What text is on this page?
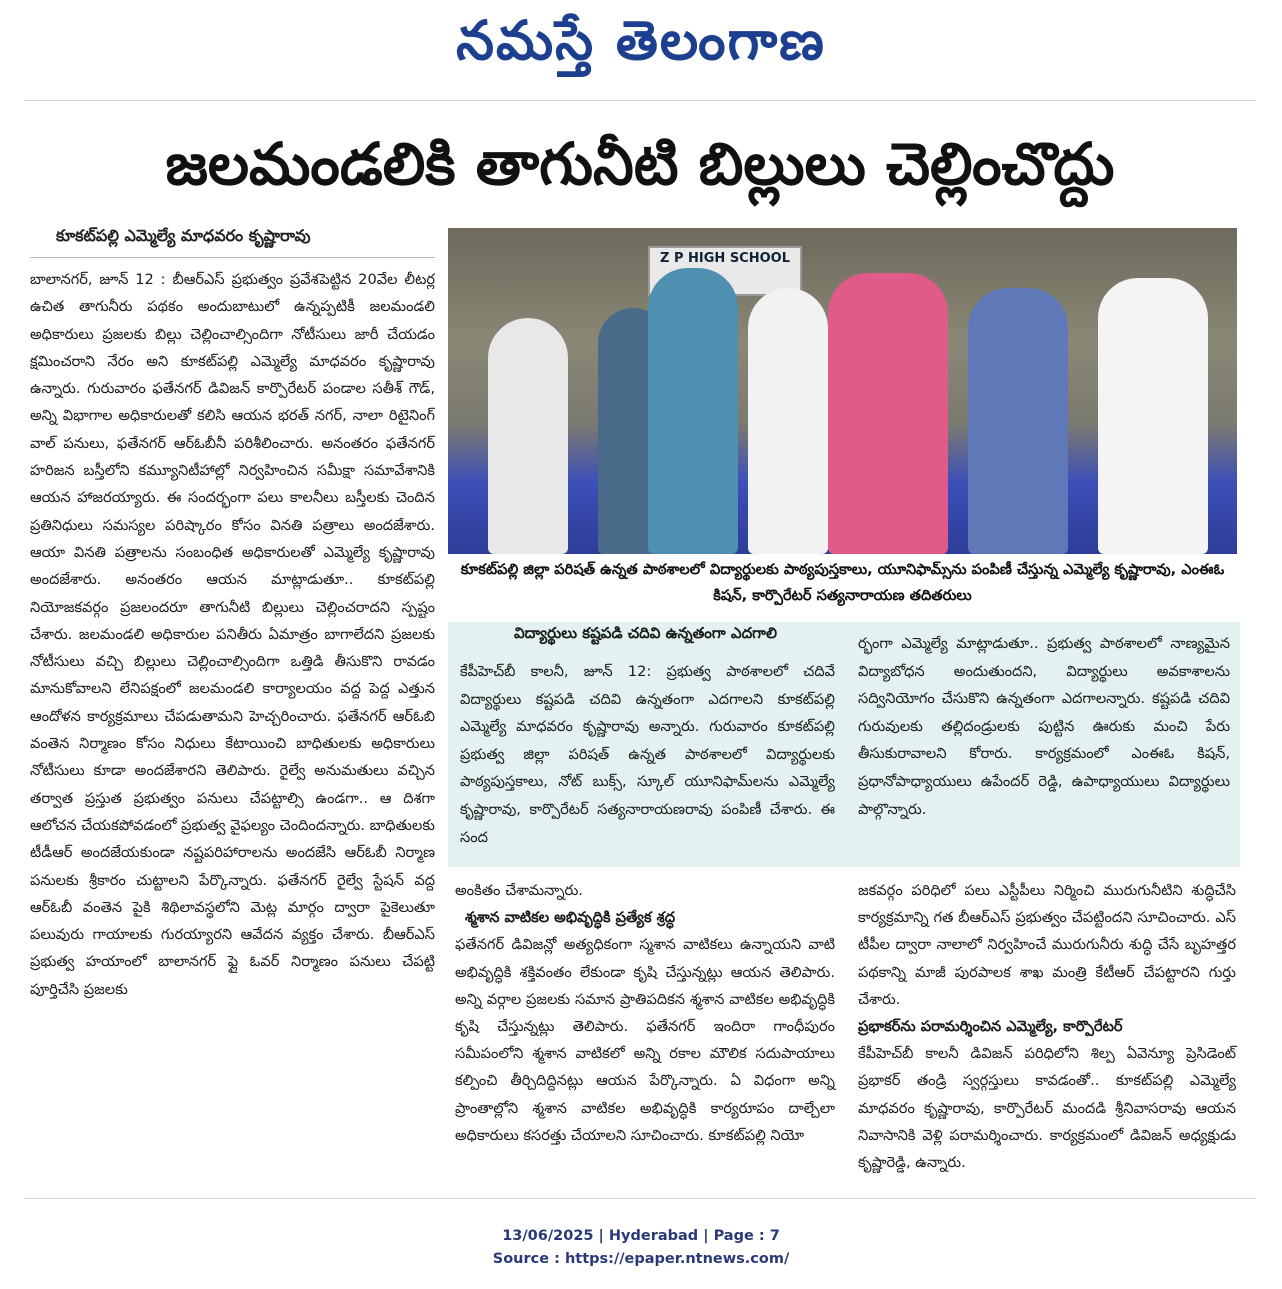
నమస్తే తెలంగాణ
జలమండలికి తాగునీటి బిల్లులు చెల్లించొద్దు
కూకట్‌పల్లి ఎమ్మెల్యే మాధవరం కృష్ణారావు

బాలానగర్, జూన్ 12 : బీఆర్ఎస్ ప్రభుత్వం ప్రవేశపెట్టిన 20వేల లీటర్ల ఉచిత తాగునీరు పథకం అందుబాటులో ఉన్నప్పటికీ జలమండలి అధికారులు ప్రజలకు బిల్లు చెల్లించాల్సిందిగా నోటీసులు జారీ చేయడం క్షమించరాని నేరం అని కూకట్‌పల్లి ఎమ్మెల్యే మాధవరం కృష్ణారావు ఉన్నారు. గురువారం ఫతేనగర్ డివిజన్ కార్పొరేటర్ పండాల సతీశ్ గౌడ్, అన్ని విభాగాల అధికారులతో కలిసి ఆయన భరత్ నగర్, నాలా రిటైనింగ్ వాల్ పనులు, ఫతేనగర్ ఆర్ఓబీనీ పరిశీలించారు. అనంతరం ఫతేనగర్ హరిజన బస్తీలోని కమ్యూనిటీహాల్లో నిర్వహించిన సమీక్షా సమావేశానికి ఆయన హాజరయ్యారు. ఈ సందర్భంగా పలు కాలనీలు బస్తీలకు చెందిన ప్రతినిధులు సమస్యల పరిష్కారం కోసం వినతి పత్రాలు అందజేశారు. ఆయా వినతి పత్రాలను సంబంధిత అధికారులతో ఎమ్మెల్యే కృష్ణారావు అందజేశారు. అనంతరం ఆయన మాట్లాడుతూ.. కూకట్‌పల్లి నియోజకవర్గం ప్రజలందరూ తాగునీటి బిల్లులు చెల్లించరాదని స్పష్టం చేశారు. జలమండలి అధికారుల పనితీరు ఏమాత్రం బాగాలేదని ప్రజలకు నోటీసులు వచ్చి బిల్లులు చెల్లించాల్సిందిగా ఒత్తిడి తీసుకొని రావడం మానుకోవాలని లేనిపక్షంలో జలమండలి కార్యాలయం వద్ద పెద్ద ఎత్తున ఆందోళన కార్యక్రమాలు చేపడుతామని హెచ్చరించారు. ఫతేనగర్ ఆర్ఓబి వంతెన నిర్మాణం కోసం నిధులు కేటాయించి బాధితులకు అధికారులు నోటీసులు కూడా అందజేశారని తెలిపారు. రైల్వే అనుమతులు వచ్చిన తర్వాత ప్రస్తుత ప్రభుత్వం పనులు చేపట్టాల్సి ఉండగా.. ఆ దిశగా ఆలోచన చేయకపోవడంలో ప్రభుత్వ వైఫల్యం చెందిందన్నారు. బాధితులకు టీడీఆర్ అందజేయకుండా నష్టపరిహారాలను అందజేసి ఆర్ఓబీ నిర్మాణ పనులకు శ్రీకారం చుట్టాలని పేర్కొన్నారు. ఫతేనగర్ రైల్వే స్టేషన్ వద్ద ఆర్ఓబీ వంతెన పైకి శిథిలావస్థలోని మెట్ల మార్గం ద్వారా పైకెలుతూ పలువురు గాయాలకు గురయ్యారని ఆవేదన వ్యక్తం చేశారు. బీఆర్ఎస్ ప్రభుత్వ హయాంలో బాలానగర్ ఫ్లై ఓవర్ నిర్మాణం పనులు చేపట్టి పూర్తిచేసి ప్రజలకు

Z P HIGH SCHOOL
కూకట్‌పల్లి జిల్లా పరిషత్ ఉన్నత పాఠశాలలో విద్యార్థులకు పాఠ్యపుస్తకాలు, యూనిఫామ్స్‌ను పంపిణీ చేస్తున్న ఎమ్మెల్యే కృష్ణారావు, ఎంఈఓ కిషన్, కార్పొరేటర్ సత్యనారాయణ తదితరులు
విద్యార్థులు కష్టపడి చదివి ఉన్నతంగా ఎదగాలి

కేపీహెచ్‌బీ కాలనీ, జూన్ 12: ప్రభుత్వ పాఠశాలలో చదివే విద్యార్థులు కష్టపడి చదివి ఉన్నతంగా ఎదగాలని కూకట్‌పల్లి ఎమ్మెల్యే మాధవరం కృష్ణారావు అన్నారు. గురువారం కూకట్‌పల్లి ప్రభుత్వ జిల్లా పరిషత్ ఉన్నత పాఠశాలలో విద్యార్థులకు పాఠ్యపుస్తకాలు, నోట్ బుక్స్, స్కూల్ యూనిఫామ్‌లను ఎమ్మెల్యే కృష్ణారావు, కార్పొరేటర్ సత్యనారాయణరావు పంపిణీ చేశారు. ఈ సంద

ర్భంగా ఎమ్మెల్యే మాట్లాడుతూ.. ప్రభుత్వ పాఠశాలలో నాణ్యమైన విద్యాబోధన అందుతుందని, విద్యార్థులు అవకాశాలను సద్వినియోగం చేసుకొని ఉన్నతంగా ఎదగాలన్నారు. కష్టపడి చదివి గురువులకు తల్లిదండ్రులకు పుట్టిన ఊరుకు మంచి పేరు తీసుకురావాలని కోరారు. కార్యక్రమంలో ఎంఈఓ కిషన్, ప్రధానోపాధ్యాయులు ఉపేందర్ రెడ్డి, ఉపాధ్యాయులు విద్యార్థులు పాల్గొన్నారు.

అంకితం చేశామన్నారు.
శ్మశాన వాటికల అభివృద్ధికి ప్రత్యేక శ్రద్ధ
ఫతేనగర్ డివిజన్లో అత్యధికంగా స్మశాన వాటికలు ఉన్నాయని వాటి అభివృద్ధికి శక్తివంతం లేకుండా కృషి చేస్తున్నట్లు ఆయన తెలిపారు. అన్ని వర్గాల ప్రజలకు సమాన ప్రాతిపదికన శ్మశాన వాటికల అభివృద్ధికి కృషి చేస్తున్నట్లు తెలిపారు. ఫతేనగర్ ఇందిరా గాంధీపురం సమీపంలోని శ్మశాన వాటికలో అన్ని రకాల మౌలిక సదుపాయాలు కల్పించి తీర్చిదిద్దినట్లు ఆయన పేర్కొన్నారు. ఏ విధంగా అన్ని ప్రాంతాల్లోని శ్మశాన వాటికల అభివృద్ధికి కార్యరూపం దాల్చేలా అధికారులు కసరత్తు చేయాలని సూచించారు. కూకట్‌పల్లి నియో
జకవర్గం పరిధిలో పలు ఎస్టీపీలు నిర్మించి మురుగునీటిని శుద్ధిచేసి కార్యక్రమాన్ని గత బీఆర్ఎస్ ప్రభుత్వం చేపట్టిందని సూచించారు. ఎస్ టీపీల ద్వారా నాలాలో నిర్వహించే మురుగునీరు శుద్ధి చేసే బృహత్తర పథకాన్ని మాజీ పురపాలక శాఖ మంత్రి కేటీఆర్ చేపట్టారని గుర్తు చేశారు.
ప్రభాకర్‌ను పరామర్శించిన ఎమ్మెల్యే, కార్పొరేటర్
కేపీహెచ్‌బీ కాలనీ డివిజన్ పరిధిలోని శిల్ప ఏవెన్యూ ప్రెసిడెంట్ ప్రభాకర్ తండ్రి స్వర్గస్తులు కావడంతో.. కూకట్‌పల్లి ఎమ్మెల్యే మాధవరం కృష్ణారావు, కార్పొరేటర్ మందడి శ్రీనివాసరావు ఆయన నివాసానికి వెళ్లి పరామర్శించారు. కార్యక్రమంలో డివిజన్ అధ్యక్షుడు కృష్ణారెడ్డి, ఉన్నారు.
13/06/2025 | Hyderabad | Page : 7
Source : https://epaper.ntnews.com/
